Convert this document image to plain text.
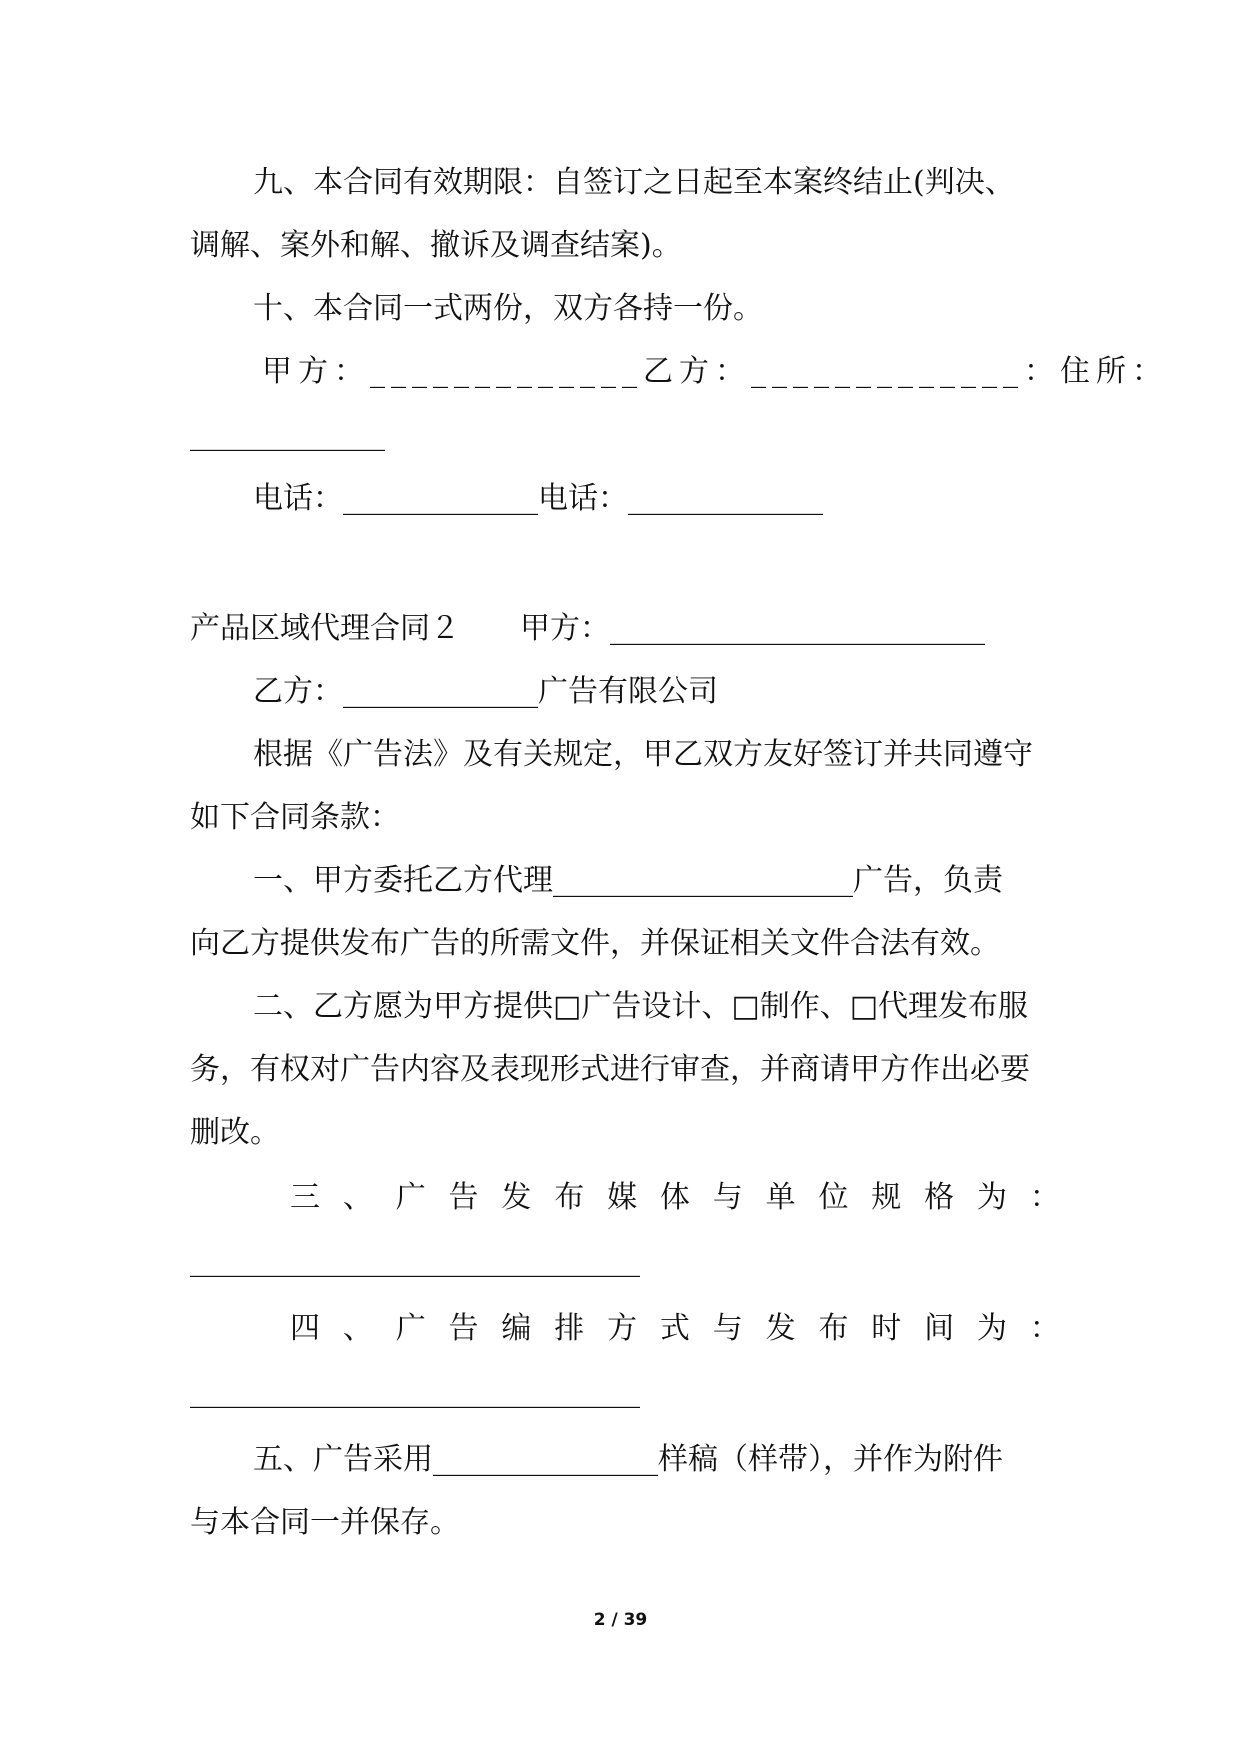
九、本合同有效期限：自签订之日起至本案终结止(判决、
调解、案外和解、撤诉及调查结案)。
十、本合同一式两份，双方各持一份。
甲方：_____________乙方：_____________：住所：
_____________
电话：_____________电话：_____________
产品区域代理合同２　　甲方：_________________________
乙方：_____________广告有限公司
根据《广告法》及有关规定，甲乙双方友好签订并共同遵守
如下合同条款：
一、甲方委托乙方代理____________________广告，负责
向乙方提供发布广告的所需文件，并保证相关文件合法有效。
二、乙方愿为甲方提供□广告设计、□制作、□代理发布服
务，有权对广告内容及表现形式进行审查，并商请甲方作出必要
删改。
三 、 广 告 发 布 媒 体 与 单 位 规 格 为 ：
______________________________
四 、 广 告 编 排 方 式 与 发 布 时 间 为 ：
______________________________
五、广告采用_______________样稿（样带），并作为附件
与本合同一并保存。
2 / 39
